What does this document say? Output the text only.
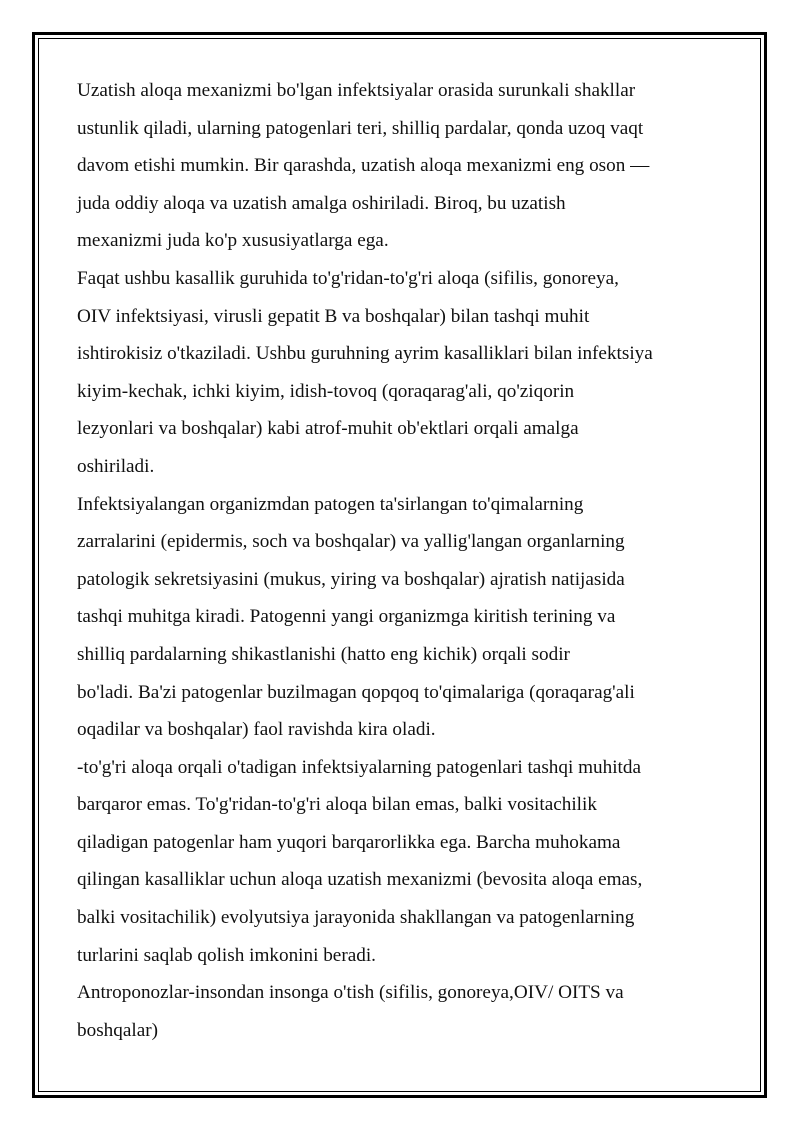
Uzatish aloqa mexanizmi bo'lgan infektsiyalar orasida surunkali shakllar
ustunlik qiladi, ularning patogenlari teri, shilliq pardalar, qonda uzoq vaqt
davom etishi mumkin. Bir qarashda, uzatish aloqa mexanizmi eng oson —
juda oddiy aloqa va uzatish amalga oshiriladi. Biroq, bu uzatish
mexanizmi juda ko'p xususiyatlarga ega.
Faqat ushbu kasallik guruhida to'g'ridan-to'g'ri aloqa (sifilis, gonoreya,
OIV infektsiyasi, virusli gepatit B va boshqalar) bilan tashqi muhit
ishtirokisiz o'tkaziladi. Ushbu guruhning ayrim kasalliklari bilan infektsiya
kiyim-kechak, ichki kiyim, idish-tovoq (qoraqarag'ali, qo'ziqorin
lezyonlari va boshqalar) kabi atrof-muhit ob'ektlari orqali amalga
oshiriladi.
Infektsiyalangan organizmdan patogen ta'sirlangan to'qimalarning
zarralarini (epidermis, soch va boshqalar) va yallig'langan organlarning
patologik sekretsiyasini (mukus, yiring va boshqalar) ajratish natijasida
tashqi muhitga kiradi. Patogenni yangi organizmga kiritish terining va
shilliq pardalarning shikastlanishi (hatto eng kichik) orqali sodir
bo'ladi. Ba'zi patogenlar buzilmagan qopqoq to'qimalariga (qoraqarag'ali
oqadilar va boshqalar) faol ravishda kira oladi.
-to'g'ri aloqa orqali o'tadigan infektsiyalarning patogenlari tashqi muhitda
barqaror emas. To'g'ridan-to'g'ri aloqa bilan emas, balki vositachilik
qiladigan patogenlar ham yuqori barqarorlikka ega. Barcha muhokama
qilingan kasalliklar uchun aloqa uzatish mexanizmi (bevosita aloqa emas,
balki vositachilik) evolyutsiya jarayonida shakllangan va patogenlarning
turlarini saqlab qolish imkonini beradi.
Antroponozlar-insondan insonga o'tish (sifilis, gonoreya,OIV/ OITS va
boshqalar)
